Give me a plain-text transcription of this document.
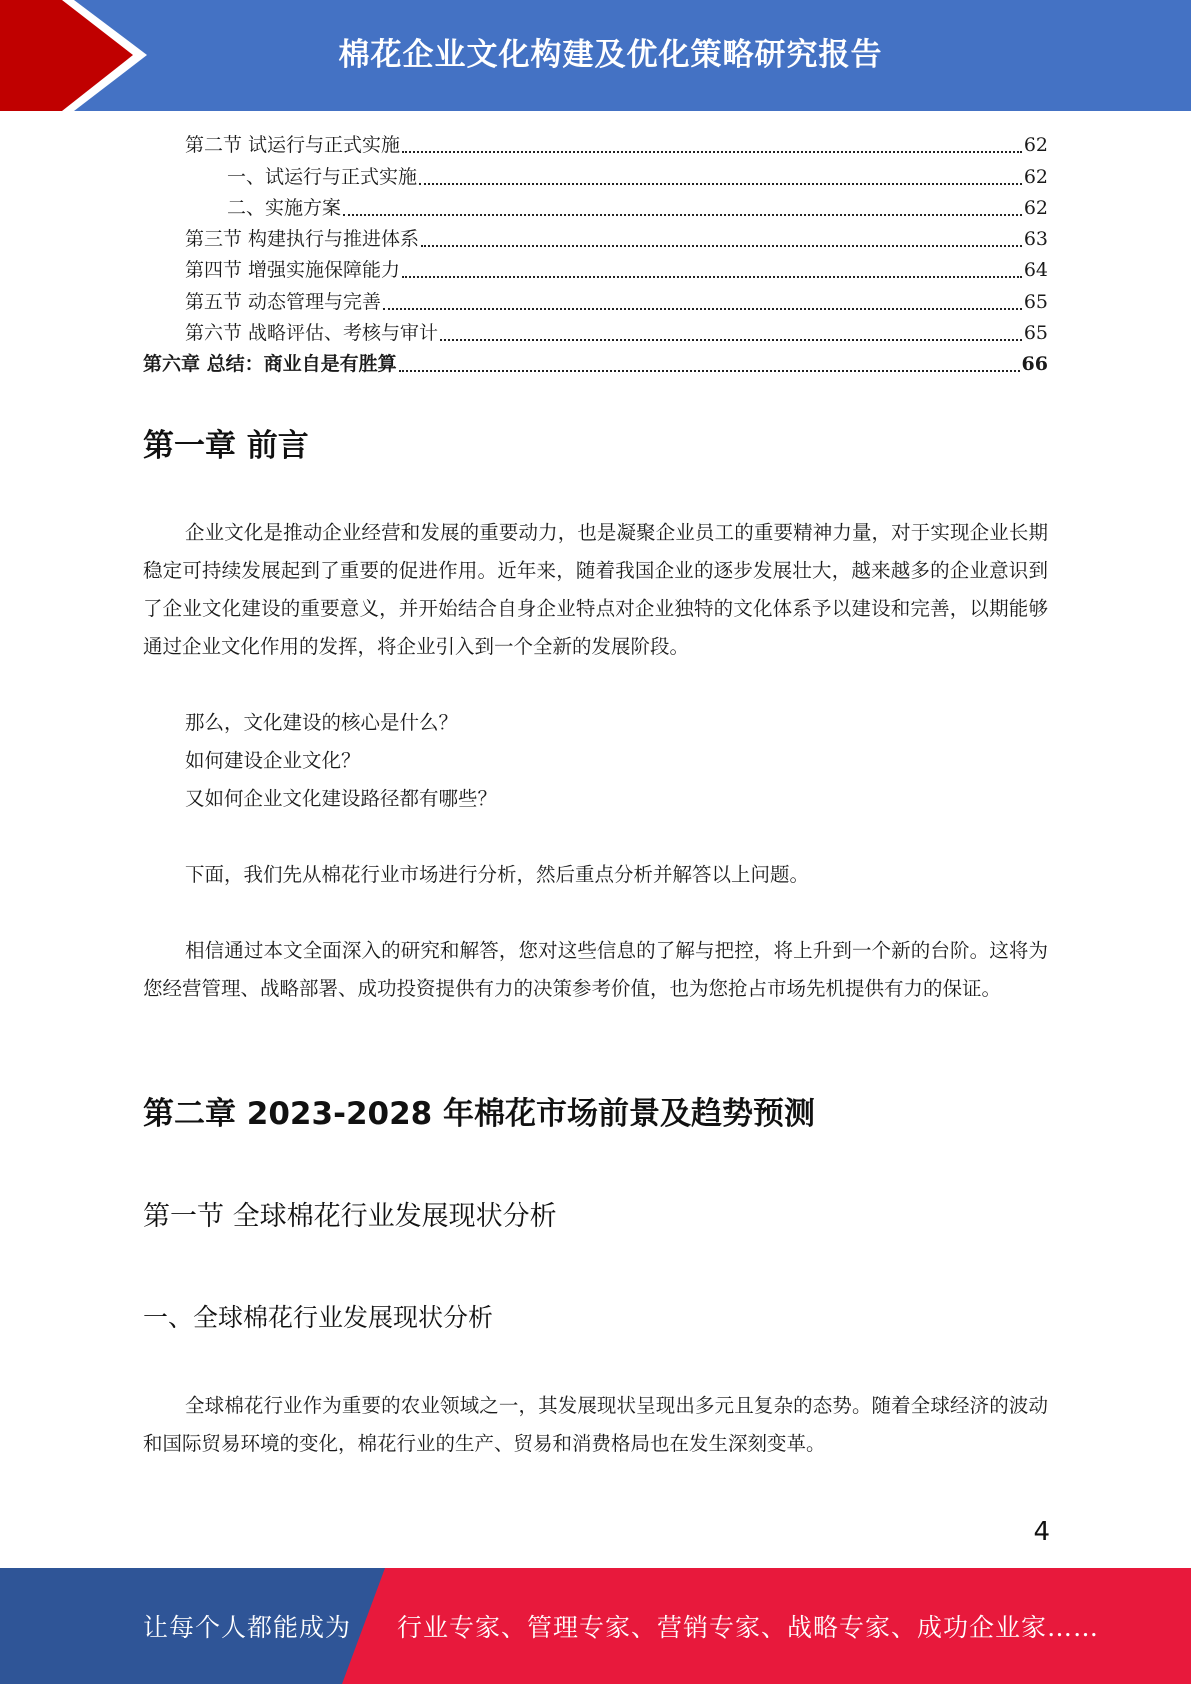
棉花企业文化构建及优化策略研究报告
第二节 试运行与正式实施	62
一、试运行与正式实施	62
二、实施方案	62
第三节 构建执行与推进体系	63
第四节 增强实施保障能力	64
第五节 动态管理与完善	65
第六节 战略评估、考核与审计	65
第六章 总结：商业自是有胜算	66
第一章 前言

企业文化是推动企业经营和发展的重要动力，也是凝聚企业员工的重要精神力量，对于实现企业长期稳定可持续发展起到了重要的促进作用。近年来，随着我国企业的逐步发展壮大，越来越多的企业意识到了企业文化建设的重要意义，并开始结合自身企业特点对企业独特的文化体系予以建设和完善，以期能够通过企业文化作用的发挥，将企业引入到一个全新的发展阶段。

那么，文化建设的核心是什么？

如何建设企业文化？

又如何企业文化建设路径都有哪些？

下面，我们先从棉花行业市场进行分析，然后重点分析并解答以上问题。

相信通过本文全面深入的研究和解答，您对这些信息的了解与把控，将上升到一个新的台阶。这将为您经营管理、战略部署、成功投资提供有力的决策参考价值，也为您抢占市场先机提供有力的保证。

第二章 2023-2028 年棉花市场前景及趋势预测
第一节 全球棉花行业发展现状分析
一、全球棉花行业发展现状分析

全球棉花行业作为重要的农业领域之一，其发展现状呈现出多元且复杂的态势。随着全球经济的波动和国际贸易环境的变化，棉花行业的生产、贸易和消费格局也在发生深刻变革。

4
让每个人都能成为 行业专家、管理专家、营销专家、战略专家、成功企业家……
